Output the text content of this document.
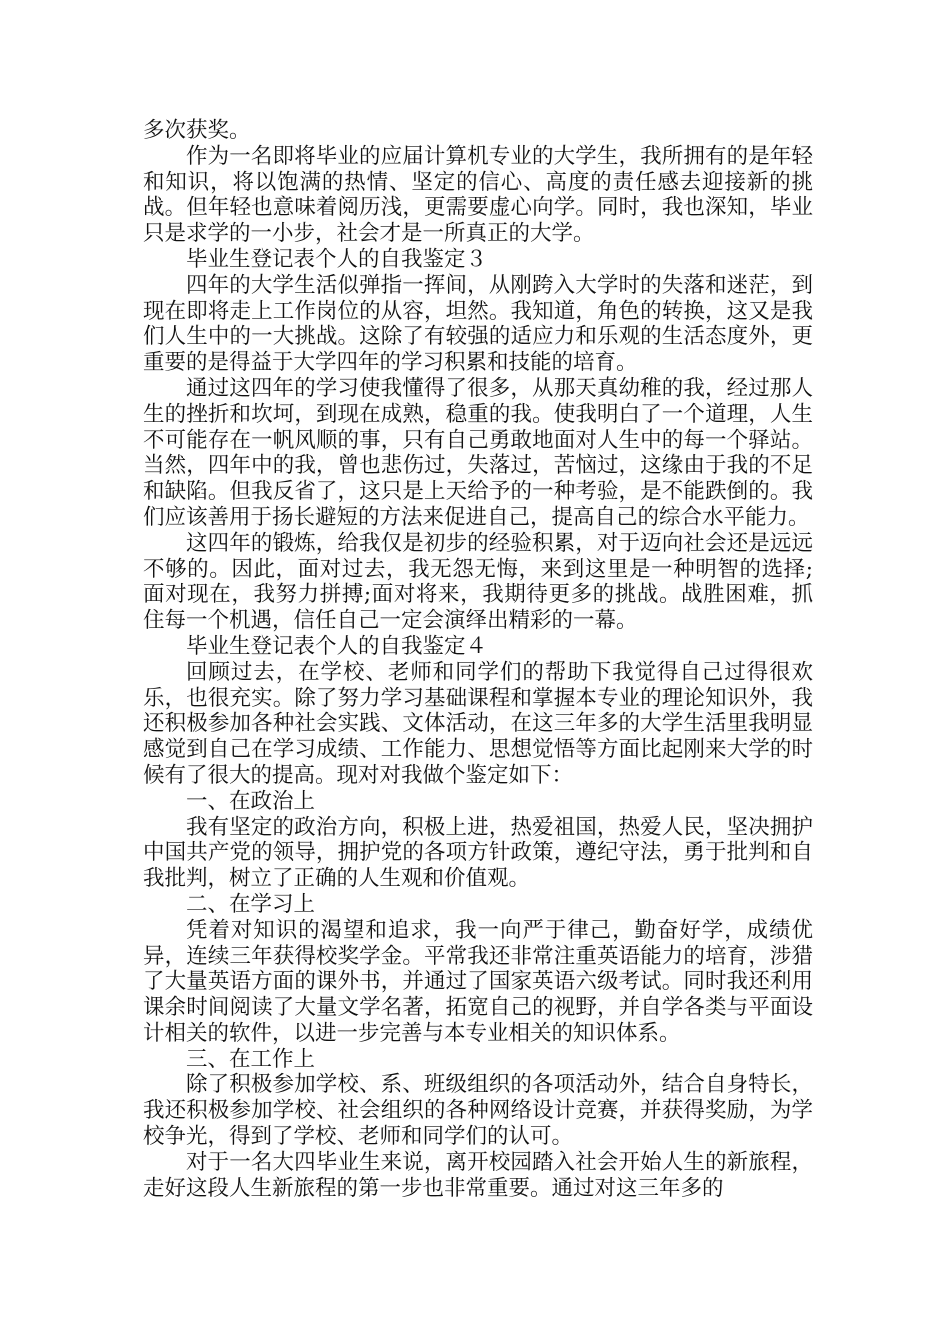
多次获奖。

作为一名即将毕业的应届计算机专业的大学生，我所拥有的是年轻和知识，将以饱满的热情、坚定的信心、高度的责任感去迎接新的挑战。但年轻也意味着阅历浅，更需要虚心向学。同时，我也深知，毕业只是求学的一小步，社会才是一所真正的大学。

毕业生登记表个人的自我鉴定３

四年的大学生活似弹指一挥间，从刚跨入大学时的失落和迷茫，到现在即将走上工作岗位的从容，坦然。我知道，角色的转换，这又是我们人生中的一大挑战。这除了有较强的适应力和乐观的生活态度外，更重要的是得益于大学四年的学习积累和技能的培育。

通过这四年的学习使我懂得了很多，从那天真幼稚的我，经过那人生的挫折和坎坷，到现在成熟，稳重的我。使我明白了一个道理，人生不可能存在一帆风顺的事，只有自己勇敢地面对人生中的每一个驿站。当然，四年中的我，曾也悲伤过，失落过，苦恼过，这缘由于我的不足和缺陷。但我反省了，这只是上天给予的一种考验，是不能跌倒的。我们应该善用于扬长避短的方法来促进自己，提高自己的综合水平能力。

这四年的锻炼，给我仅是初步的经验积累，对于迈向社会还是远远不够的。因此，面对过去，我无怨无悔，来到这里是一种明智的选择;面对现在，我努力拼搏;面对将来，我期待更多的挑战。战胜困难，抓住每一个机遇，信任自己一定会演绎出精彩的一幕。

毕业生登记表个人的自我鉴定４

回顾过去，在学校、老师和同学们的帮助下我觉得自己过得很欢乐，也很充实。除了努力学习基础课程和掌握本专业的理论知识外，我还积极参加各种社会实践、文体活动，在这三年多的大学生活里我明显感觉到自己在学习成绩、工作能力、思想觉悟等方面比起刚来大学的时候有了很大的提高。现对对我做个鉴定如下：

一、在政治上

我有坚定的政治方向，积极上进，热爱祖国，热爱人民，坚决拥护中国共产党的领导，拥护党的各项方针政策，遵纪守法，勇于批判和自我批判，树立了正确的人生观和价值观。

二、在学习上

凭着对知识的渴望和追求，我一向严于律己，勤奋好学，成绩优异，连续三年获得校奖学金。平常我还非常注重英语能力的培育，涉猎了大量英语方面的课外书，并通过了国家英语六级考试。同时我还利用课余时间阅读了大量文学名著，拓宽自己的视野，并自学各类与平面设计相关的软件，以进一步完善与本专业相关的知识体系。

三、在工作上

除了积极参加学校、系、班级组织的各项活动外，结合自身特长，我还积极参加学校、社会组织的各种网络设计竞赛，并获得奖励，为学校争光，得到了学校、老师和同学们的认可。

对于一名大四毕业生来说，离开校园踏入社会开始人生的新旅程，走好这段人生新旅程的第一步也非常重要。通过对这三年多的
